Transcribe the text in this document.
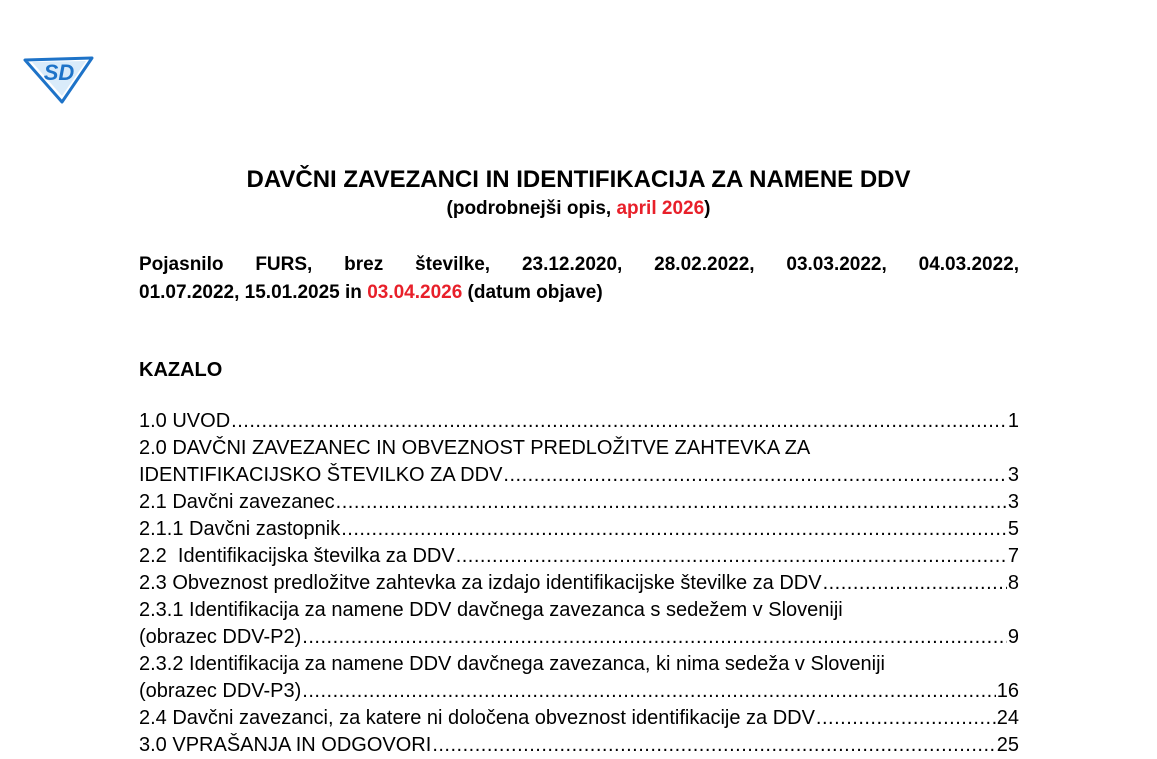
SD
DAVČNI ZAVEZANCI IN IDENTIFIKACIJA ZA NAMENE DDV
(podrobnejši opis, april 2026)
Pojasnilo FURS, brez številke, 23.12.2020, 28.02.2022, 03.03.2022, 04.03.2022,
01.07.2022, 15.01.2025 in 03.04.2026 (datum objave)
KAZALO
1.0 UVOD .....	1
2.0 DAVČNI ZAVEZANEC IN OBVEZNOST PREDLOŽITVE ZAHTEVKA ZA
IDENTIFIKACIJSKO ŠTEVILKO ZA DDV .....	3
2.1 Davčni zavezanec .....	3
2.1.1 Davčni zastopnik .....	5
2.2  Identifikacijska številka za DDV .....	7
2.3 Obveznost predložitve zahtevka za izdajo identifikacijske številke za DDV .....	8
2.3.1 Identifikacija za namene DDV davčnega zavezanca s sedežem v Sloveniji
(obrazec DDV-P2) .....	9
2.3.2 Identifikacija za namene DDV davčnega zavezanca, ki nima sedeža v Sloveniji
(obrazec DDV-P3) .....	16
2.4 Davčni zavezanci, za katere ni določena obveznost identifikacije za DDV .....	24
3.0 VPRAŠANJA IN ODGOVORI .....	25
